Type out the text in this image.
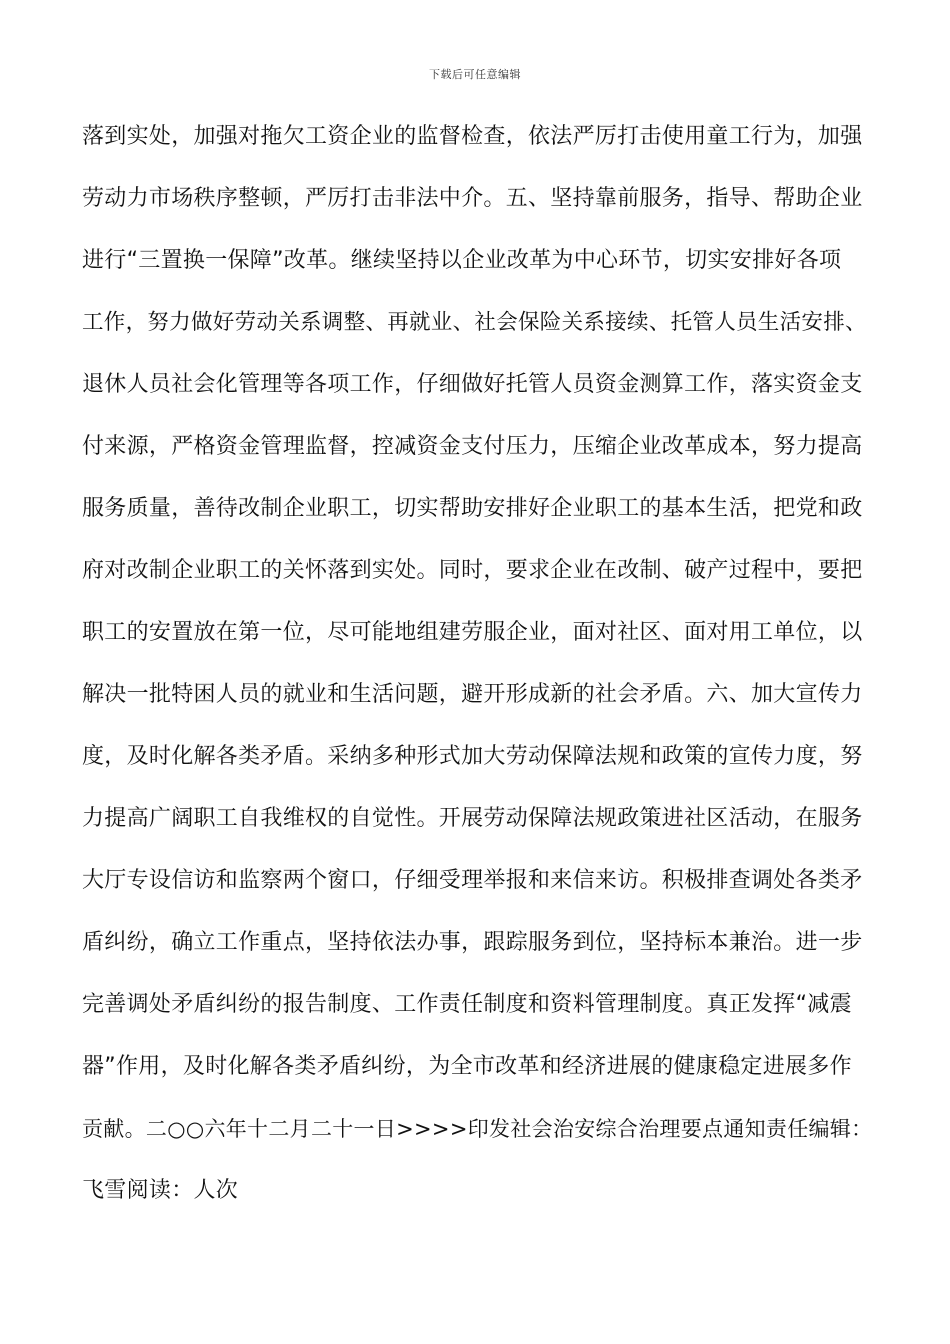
下载后可任意编辑
落到实处，加强对拖欠工资企业的监督检查，依法严厉打击使用童工行为，加强
劳动力市场秩序整顿，严厉打击非法中介。五、坚持靠前服务，指导、帮助企业
进行“三置换一保障”改革。继续坚持以企业改革为中心环节，切实安排好各项
工作，努力做好劳动关系调整、再就业、社会保险关系接续、托管人员生活安排、
退休人员社会化管理等各项工作，仔细做好托管人员资金测算工作，落实资金支
付来源，严格资金管理监督，控减资金支付压力，压缩企业改革成本，努力提高
服务质量，善待改制企业职工，切实帮助安排好企业职工的基本生活，把党和政
府对改制企业职工的关怀落到实处。同时，要求企业在改制、破产过程中，要把
职工的安置放在第一位，尽可能地组建劳服企业，面对社区、面对用工单位，以
解决一批特困人员的就业和生活问题，避开形成新的社会矛盾。六、加大宣传力
度，及时化解各类矛盾。采纳多种形式加大劳动保障法规和政策的宣传力度，努
力提高广阔职工自我维权的自觉性。开展劳动保障法规政策进社区活动，在服务
大厅专设信访和监察两个窗口，仔细受理举报和来信来访。积极排查调处各类矛
盾纠纷，确立工作重点，坚持依法办事，跟踪服务到位，坚持标本兼治。进一步
完善调处矛盾纠纷的报告制度、工作责任制度和资料管理制度。真正发挥“减震
器”作用，及时化解各类矛盾纠纷，为全市改革和经济进展的健康稳定进展多作
贡献。二○○六年十二月二十一日>>>>印发社会治安综合治理要点通知责任编辑：
飞雪阅读：人次
